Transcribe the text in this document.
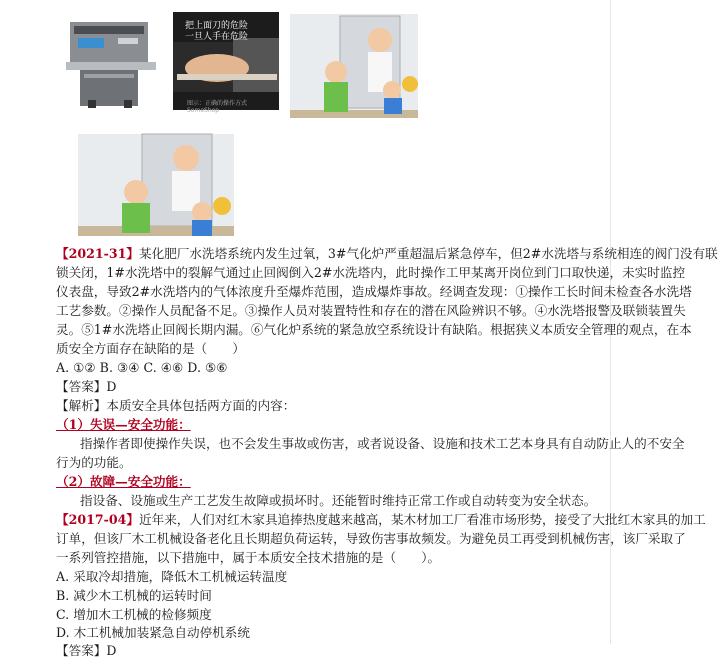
把上面刀的危险
一旦人手在危险
图示：正确的操作方式 SomeShop
【2021-31】某化肥厂水洗塔系统内发生过氧，3#气化炉严重超温后紧急停车，但2#水洗塔与系统相连的阀门没有联
锁关闭，1#水洗塔中的裂解气通过止回阀倒入2#水洗塔内，此时操作工甲某离开岗位到门口取快递，未实时监控
仪表盘，导致2#水洗塔内的气体浓度升至爆炸范围，造成爆炸事故。经调查发现：①操作工长时间未检查各水洗塔
工艺参数。②操作人员配备不足。③操作人员对装置特性和存在的潜在风险辨识不够。④水洗塔报警及联锁装置失
灵。⑤1#水洗塔止回阀长期内漏。⑥气化炉系统的紧急放空系统设计有缺陷。根据狭义本质安全管理的观点，在本
质安全方面存在缺陷的是（　　）
A. ①② B. ③④ C. ④⑥ D. ⑤⑥
【答案】D
【解析】本质安全具体包括两方面的内容：
（1）失误—安全功能：
指操作者即使操作失误，也不会发生事故或伤害，或者说设备、设施和技术工艺本身具有自动防止人的不安全
行为的功能。
（2）故障—安全功能：
指设备、设施或生产工艺发生故障或损坏时。还能暂时维持正常工作或自动转变为安全状态。
【2017-04】近年来，人们对红木家具追捧热度越来越高，某木材加工厂看准市场形势，接受了大批红木家具的加工
订单，但该厂木工机械设备老化且长期超负荷运转，导致伤害事故频发。为避免员工再受到机械伤害，该厂采取了
一系列管控措施，以下措施中，属于本质安全技术措施的是（　　）。
A. 采取冷却措施，降低木工机械运转温度
B. 减少木工机械的运转时间
C. 增加木工机械的检修频度
D. 木工机械加装紧急自动停机系统
【答案】D
